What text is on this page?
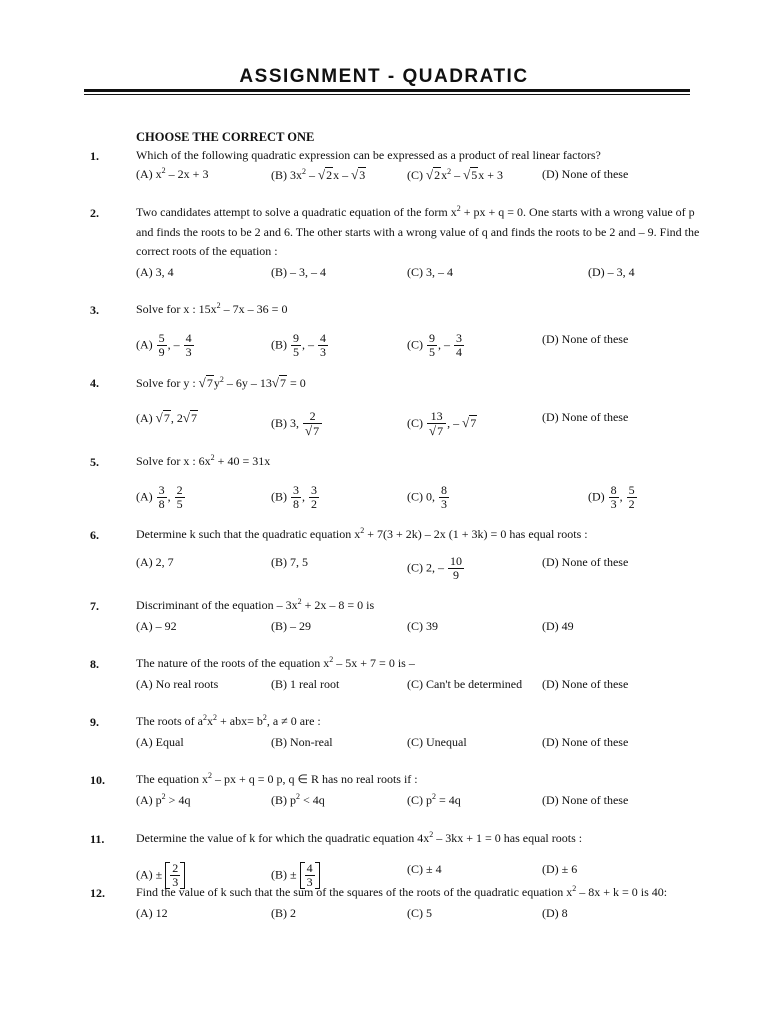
ASSIGNMENT - QUADRATIC
CHOOSE THE CORRECT ONE
1.	Which of the following quadratic expression can be expressed as a product of real linear factors?
(A) $x^2 - 2x + 3$	(B) $3x^2 - √2x - √3$	(C) $√2x^2 - √5x + 3$	(D) None of these
2.	Two candidates attempt to solve a quadratic equation of the form $x^2$ + px + q = 0. One starts with a wrong value of p and finds the roots to be 2 and 6. The other starts with a wrong value of q and finds the roots to be 2 and – 9. Find the correct roots of the equation :
(A) 3, 4	(B) – 3, – 4	(C) 3, – 4	(D) – 3, 4
3.	Solve for x : $15x^2 - 7x - 36 = 0$
$(A) \frac{5}{9}$ , – $\frac{4}{3}$	$(B) \frac{9}{5}$ , – $\frac{4}{3}$	$(C) \frac{9}{5}$ , – $\frac{3}{4}$	(D) None of these
4.	Solve for y : $√7y^2 - 6y - 13√7 = 0$
(A) √7, 2√7	(B) 3, $\frac{2}{√7}$	$(C) \frac{13}{√7}$ , – √7	(D) None of these
5.	Solve for x : $6x^2 + 40 = 31x$
$(A) \frac{3}{8}$ , $\frac{2}{5}$	$(B) \frac{3}{8}$ , $\frac{3}{2}$	(C) 0, $\frac{8}{3}$	$(D) \frac{8}{3}$ , $\frac{5}{2}$
6.	Determine k such that the quadratic equation $x^2 + 7(3 + 2k) - 2x$ (1 + 3k) = 0 has equal roots :
(A) 2, 7	(B) 7, 5	(C) 2, – $\frac{10}{9}$	(D) None of these
7.	Discriminant of the equation – $3x^2 + 2x - 8 = 0$ is
(A) – 92	(B) – 29	(C) 39	(D) 49
8.	The nature of the roots of the equation $x^2 - 5x + 7 = 0$ is –
(A) No real roots	(B) 1 real root	(C) Can't be determined (D) None of these
9.	The roots of $a^2x^2 + abx= b^2$, a ≠ 0 are :
(A) Equal	(B) Non-real	(C) Unequal	(D) None of these
10.	The equation $x^2$ – px + q = 0 p, q ∈ R has no real roots if :
(A) $p^2 > 4q$	(B) $p^2 < 4q$	(C) $p^2 = 4q$	(D) None of these
11.	Determine the value of k for which the quadratic equation $4x^2 - 3kx + 1 = 0$ has equal roots :
$(A) \pm \frac{2}{3}$	$(B) \pm \frac{4}{3}$	(C) ± 4	(D) ± 6
12.	Find the value of k such that the sum of the squares of the roots of the quadratic equation $x^2 - 8x + k = 0$ is 40:
(A) 12	(B) 2	(C) 5	(D) 8
